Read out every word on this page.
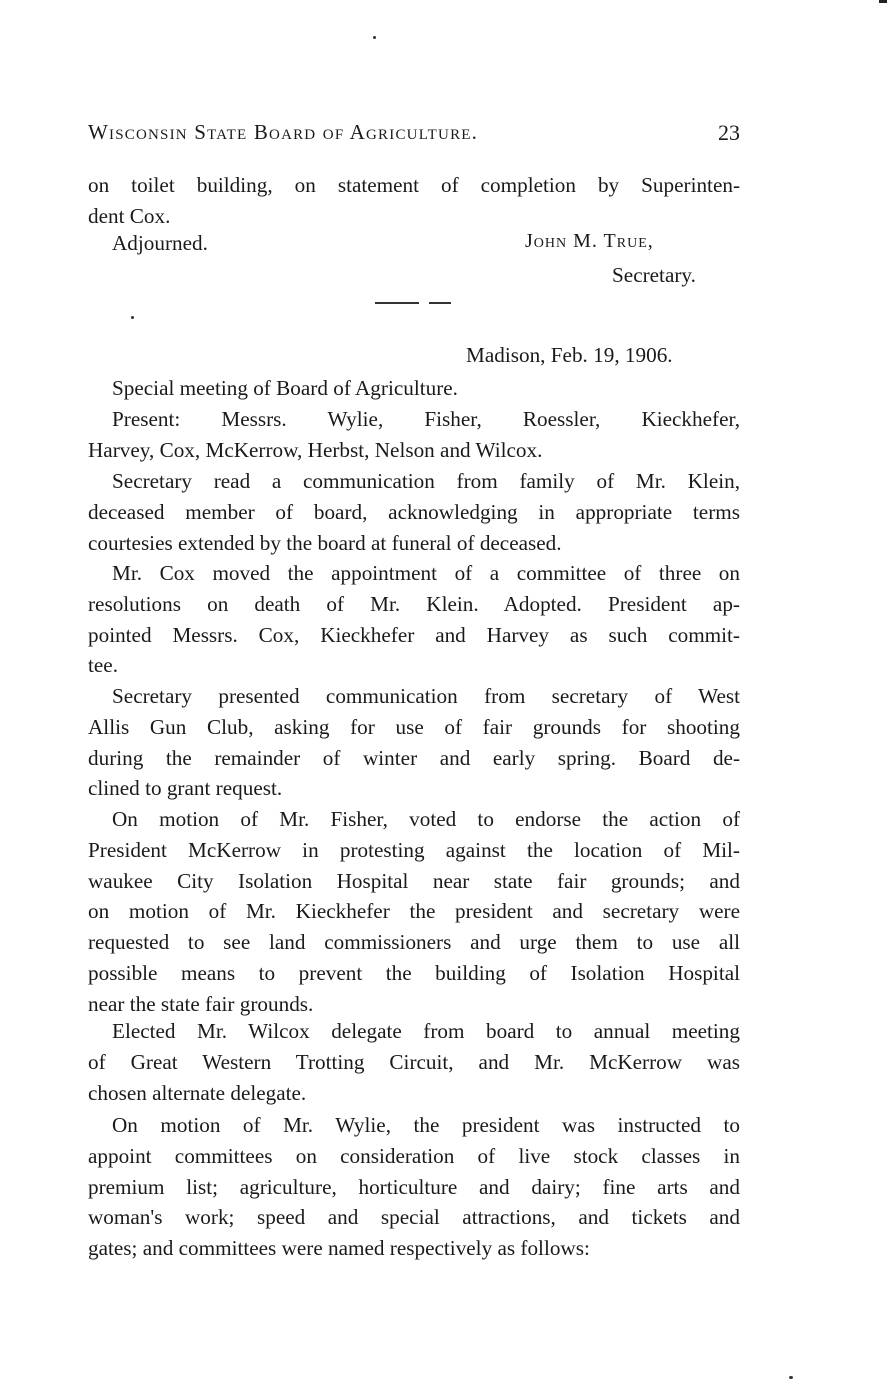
Wisconsin State Board of Agriculture.	23
on toilet building, on statement of completion by Superinten-
dent Cox.
Adjourned.	John M. True,
Secretary.
Madison, Feb. 19, 1906.
Special meeting of Board of Agriculture.
Present: Messrs. Wylie, Fisher, Roessler, Kieckhefer,
Harvey, Cox, McKerrow, Herbst, Nelson and Wilcox.
Secretary read a communication from family of Mr. Klein,
deceased member of board, acknowledging in appropriate terms
courtesies extended by the board at funeral of deceased.
Mr. Cox moved the appointment of a committee of three on
resolutions on death of Mr. Klein. Adopted. President ap-
pointed Messrs. Cox, Kieckhefer and Harvey as such commit-
tee.
Secretary presented communication from secretary of West
Allis Gun Club, asking for use of fair grounds for shooting
during the remainder of winter and early spring. Board de-
clined to grant request.
On motion of Mr. Fisher, voted to endorse the action of
President McKerrow in protesting against the location of Mil-
waukee City Isolation Hospital near state fair grounds; and
on motion of Mr. Kieckhefer the president and secretary were
requested to see land commissioners and urge them to use all
possible means to prevent the building of Isolation Hospital
near the state fair grounds.
Elected Mr. Wilcox delegate from board to annual meeting
of Great Western Trotting Circuit, and Mr. McKerrow was
chosen alternate delegate.
On motion of Mr. Wylie, the president was instructed to
appoint committees on consideration of live stock classes in
premium list; agriculture, horticulture and dairy; fine arts and
woman's work; speed and special attractions, and tickets and
gates; and committees were named respectively as follows:
